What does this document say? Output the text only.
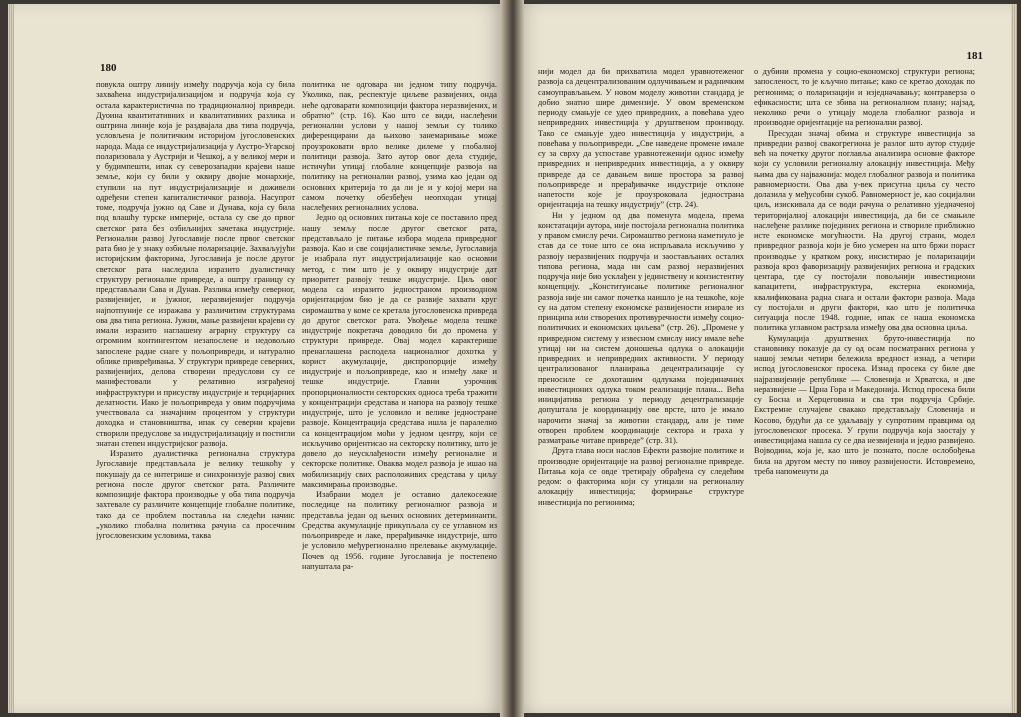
180

повукла оштру линију између подручја која су била захваћена индустријализацијом и подручја која су остала карактеристична по традиционалној привреди. Дуоина квантитативних и квалитативних разлика и оштрина линије која је раздвајала два типа подручја, условљена је политичким историјом југословенских народа. Мада се индустријализација у Аустро-Угарској поларизовала у Аустрији и Чешкој, а у великој мери и у будимпешти, ипак су северозападни крајеви наше земље, који су били у оквиру двојне монархије, ступили на пут индустријализације и доживели одређени степен капиталистичког развоја. Насупрот томе, подручја јужно од Саве и Дунава, која су била под влашћу турске империје, остала су све до првог светског рата без озбиљнијих зачетака индустрије. Регионални развој Југославије после првог светског рата био је у знаку озбиљне поларизације. Захваљујући историјским факторима, Југославија је после другог светског рата наследила изразито дуалистичку структуру регионалне привреде, а оштру границу су представљали Сава и Дунав. Разлика између северног, развијенијег, и јужног, неразвијенијег подручја најпотпуније се изражава у различитим структурама ова два типа региона. Јужни, мање развијени крајеви су имали изразито наглашену аграрну структуру са огромним контингентом незапослене и недовољно запослене радне снаге у пољопривреди, и натурално облике привређивања. У структури привреде северних, развијенијих, делова створени предуслови су се манифестовали у релативно изграђеној инфраструктури и присуству индустрије и терцијарних делатности. Иако је пољопривреда у овим подручјима учествовала са значајним процентом у структури доходка и становништва, ипак су северни крајеви створили предуслове за индустријализацију и постигли знатан степен индустријског развоја.

Изразито дуалистичка регионална структура Југославије представљала је велику тешкоћу у покушају да се интегрише и синхронизује развој свих региона после другог светског рата. Различите композиције фактора производње у оба типа подручја захтевале су различите концепције глобалне политике, тако да се проблем поставља на следећи начин: „уколико глобална политика рачуна са просечним југословенским условима, таква

политика не одговара ни једном типу подручја. Уколико, пак, респектује циљеве развијених, онда неће одговарати композицији фактора неразвијених, и обратно” (стр. 16). Као што се види, наслеђени регионални услови у нашој земљи су толико диференцирани да њихово занемаривање може проузроковати врло велике дилеме у глобалној политици развоја. Зато аутор овог дела студије, истичући утицај глобалне концепције развоја на политику на регионални развој, узима као један од основних критерија то да ли је и у којој мери на самом почетку обезбеђен неопходан утицај наслеђених регионалних услова.

Једно од основних питања које се поставило пред нашу земљу после другог светског рата, представљало је питање избора модела привредног развоја. Као и све социјалистичке земље, Југославија је изабрала пут индустријализације као основни метод, с тим што је у оквиру индустрије дат приоритет развоју тешке индустрије. Циљ овог модела са изразито једностраном производном оријентацијом био је да се развије захвати круг сиромаштва у коме се кретала југословенска привреда до другог светског рата. Увођење модела тешке индустрије покретача доводило би до промена у структури привреде. Овај модел карактерише пренаглашена расподела националног дохотка у корист акумулације, диспропорције између индустрије и пољопривреде, као и између лаке и тешке индустрије. Главни узрочник пропорционалности секторских односа треба тражити у концентрацији средстава и напора на развоју тешке индустрије, што је условило и велике једностране развоје. Концентрација средстава ишла је паралелно са концентрацијом моћи у једном центру, који се искључиво оријентисао на секторску политику, што је довело до неусклађености између регионалне и секторске политике. Оваква модел развоја је ишао на мобилизацију свих расположивих средстава у циљу максимирања производње.

Изабрани модел је оставио далекосежне последице на политику регионалног развоја и представља један од њених основних детерминанти. Средства акумулације прикупљала су се углавном из пољопривреде и лаке, прерађивачке индустрије, што је условило међурегионално прелевање акумулације. Почев од 1956. године Југославија је постепено напуштала ра-

181

нији модел да би прихватила модел уравнотеженог развоја са децентрализованим одлучивањем и радничким самоуправљањем. У новом моделу животни стандард је добио знатно шире димензије. У овом временском периоду смањује се удео привредних, а повећава удео непривредних инвестиција у друштвеном производу. Тако се смањује удео инвестиција у индустрији, а повећава у пољопривреди. „Све наведене промене имале су за сврху да успоставе уравнотеженији однос између привредних и непривредних инвестиција, а у оквиру привреде да се давањем више простора за развој пољопривреде и прерађивачке индустрије отклоне напетости које је проузроковала једнострана оријентација на тешку индустрију” (стр. 24).

Ни у једном од два поменута модела, према констатацији аутора, није постојала регионална политика у правом смислу речи. Сиромаштво региона наметнуло је став да се тоне што се она испрљавала искључиво у развоју неразвијених подручја и заостављаних осталих типова региона, мада ни сам развој неразвијених подручја није био усклађен у јединствену и конзистентну концепцију. „Конституисање политике регионалног развоја није ни самог почетка наишло је на тешкоће, које су на датом степену економске развијености изирале из принципа или створених противуречности између социо-политичких и економских циљева” (стр. 26). „Промене у привредном систему у извесном смислу нису имале веће утицај ни на систем доношења одлука о алокацији привредних и непривредних активности. У периоду централизованог планирања децентрализације су преносиле се дохоташим одлукама појединачних инвестиционих одлука током реализације плана... Већа иницијатива региона у периоду децентрализације допуштала је координацију ове врсте, што је имало нарочити значај за животни стандард, али је тиме отворен проблем координације сектора и граха у разматрање читаве привреде” (стр. 31).

Друга глава носи наслов Ефекти развојне политике и производне оријентације на развој регионалне привреде. Питања која се овде третирају обрађена су следећим редом: о факторима који су утицали на регионалну алокацију инвестиција; формирање структуре инвестиција по регионима;

о дубини промена у социо-економској структури региона; запосленост, то је кључно питање; како се кретао доходак по регионима; о поларизацији и изједначавању; контраверза о ефикасности; шта се збива на регионалном плану; најзад, неколико речи о утицају модела глобалног развоја и производне оријентације на регионални развој.

Пресудан значај обима и структуре инвестиција за привредни развој свакогрегиона је разлог што аутор студије већ на почетку другог поглавља анализира основне факторе који су условили регионалну алокацију инвестиција. Међу њима два су најважнија: модел глобалног развоја и политика равномерности. Ова два у-век присутна циља су често долазила у међусобни сукоб. Равномерност је, као социјални циљ, изискивала да се води рачуна о релативно уједначеној територијалној алокацији инвестиција, да би се смањиле наслеђене разлике појединих региона и створиле приближно исте економске могућности. На другој страни, модел привредног развоја који је био усмерен на што бржи пораст производње у кратком року, инсистирао је поларизацији развоја кроз фаворизацију развијенијих региона и градских центара, где су постојали повољнији инвестициони капацитети, инфраструктура, екстерна економија, квалификована радна снага и остали фактори развоја. Мада су постојали и други фактори, као што је политичка ситуација после 1948. године, ипак се наша економска политика углавном растрзала између ова два основна циља.

Кумулација друштвених бруто-инвестиција по становнику показује да су од осам посматраних региона у нашој земљи четири бележила вредност изнад, а четири испод југословенског просека. Изнад просека су биле две најразвијеније републике — Словенија и Хрватска, и две неразвијене — Црна Гора и Македонија. Испод просека били су Босна и Херцеговина и сва три подручја Србије. Екстремне случајеве свакако представљају Словенија и Косово, будући да се удаљавају у супротним правцима од југословенског просека. У групи подручја која заостају у инвестицијама нашла су се два незвијенија и једно развијено. Војводина, која је, као што је познато, после ослобођења била на другом месту по нивоу развијености. Истовремено, треба напоменути да
